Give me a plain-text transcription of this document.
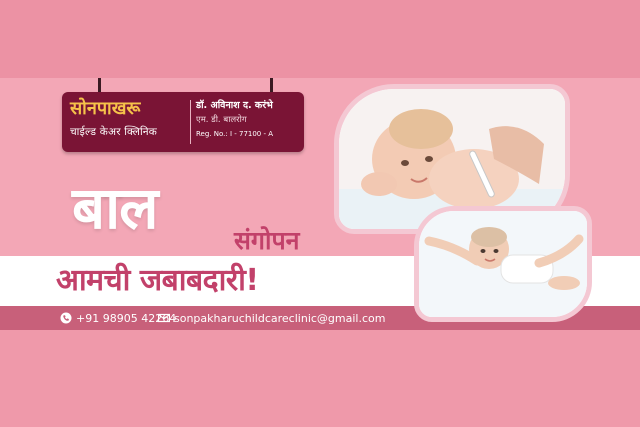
सोनपाखरू
चाईल्ड केअर क्लिनिक
डॉ. अविनाश द. करंभे
एम. डी. बालरोग
Reg. No.: I - 77100 - A
बाल	संगोपन
आमची जबाबदारी!
+91 98905 42264
sonpakharuchildcareclinic@gmail.com
